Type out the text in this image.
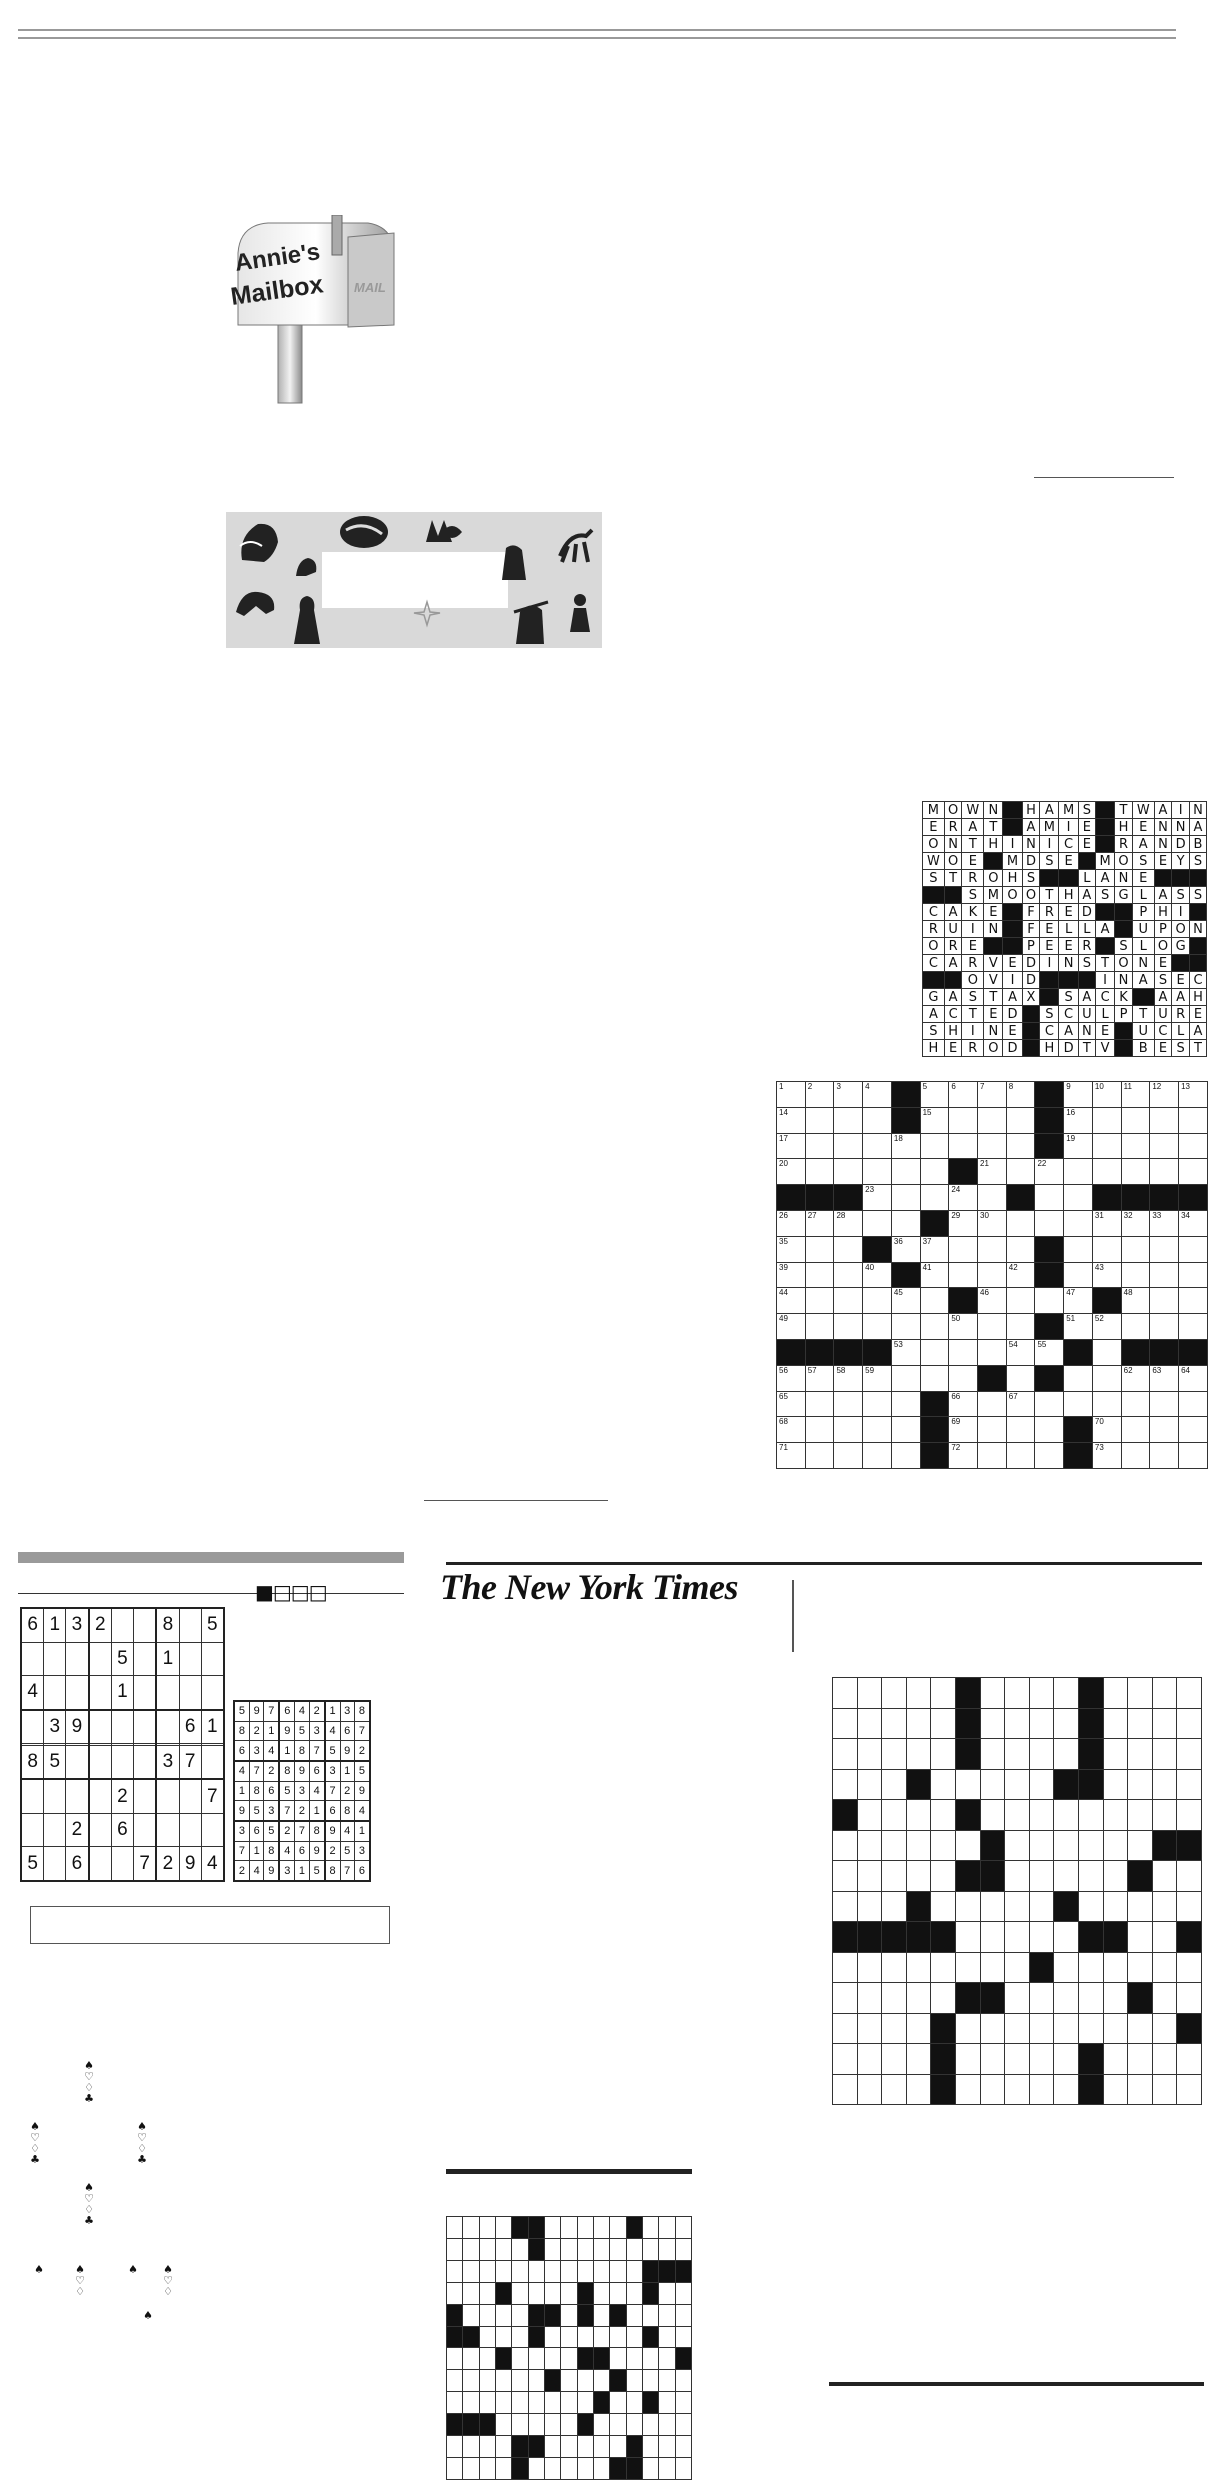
MAIL
Annie's
Mailbox
M	O	W	N		H	A	M	S		T	W	A	I	N
E	R	A	T		A	M	I	E		H	E	N	N	A
O	N	T	H	I	N	I	C	E		R	A	N	D	B
W	O	E		M	D	S	E		M	O	S	E	Y	S
S	T	R	O	H	S			L	A	N	E			
		S	M	O	O	T	H	A	S	G	L	A	S	S
C	A	K	E		F	R	E	D			P	H	I	
R	U	I	N		F	E	L	L	A		U	P	O	N
O	R	E			P	E	E	R		S	L	O	G	
C	A	R	V	E	D	I	N	S	T	O	N	E		
		O	V	I	D				I	N	A	S	E	C
G	A	S	T	A	X		S	A	C	K		A	A	H
A	C	T	E	D		S	C	U	L	P	T	U	R	E
S	H	I	N	E		C	A	N	E		U	C	L	A
H	E	R	O	D		H	D	T	V		B	E	S	T
1	2	3	4		5	6	7	8		9	10	11	12	13

14					15					16				

17				18						19				

20							21		22					

			23			24								

26	27	28				29	30				31	32	33	34

35				36	37									

39			40		41			42			43			

44				45			46			47		48		

49						50				51	52			

				53				54	55					

56	57	58	59									62	63	64

65						66		67						

68						69					70			

71						72					73			

6	1	3	2			8		5
				5		1		
4				1				
	3	9					6	1

8	5					3	7	
				2				7
		2		6				
5		6			7	2	9	4
■□□□
5	9	7	6	4	2	1	3	8
8	2	1	9	5	3	4	6	7
6	3	4	1	8	7	5	9	2
4	7	2	8	9	6	3	1	5
1	8	6	5	3	4	7	2	9
9	5	3	7	2	1	6	8	4
3	6	5	2	7	8	9	4	1
7	1	8	4	6	9	2	5	3
2	4	9	3	1	5	8	7	6
♠
♡
♢
♣
♠
♡
♢
♣
♠
♡
♢
♣
♠
♡
♢
♣
♠	♠	♠ ♠
♡	♡
♢	♢
♠
The New York Times
